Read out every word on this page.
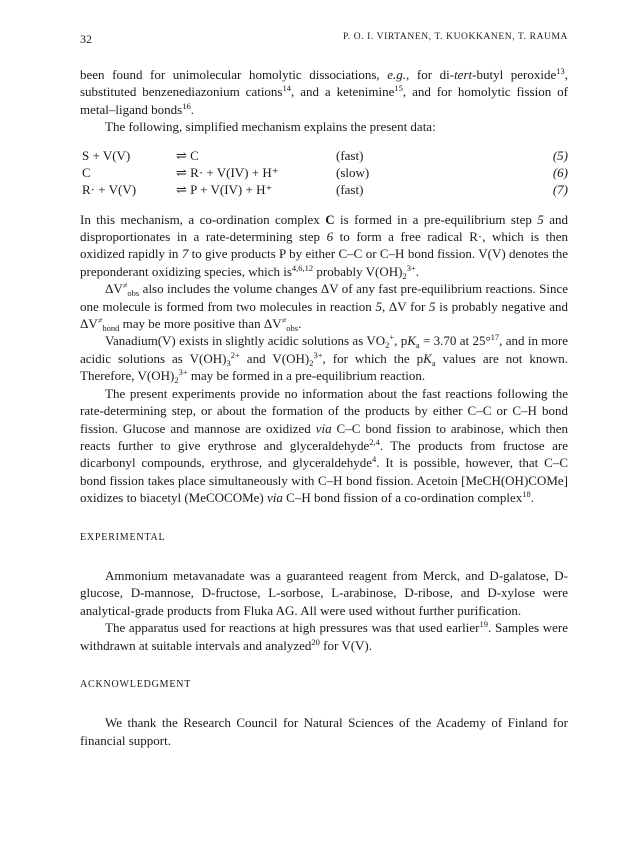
32	P. O. I. VIRTANEN, T. KUOKKANEN, T. RAUMA

been found for unimolecular homolytic dissociations, e.g., for di-tert-butyl peroxide$^{13}$, substituted benzenediazonium cations$^{14}$, and a ketenimine$^{15}$, and for homolytic fission of metal–ligand bonds$^{16}$.

The following, simplified mechanism explains the present data:

S + V(V)	⇌ C	(fast)	(5)
C	⇌ R· + V(IV) + H⁺	(slow)	(6)
R· + V(V)	⇌ P + V(IV) + H⁺	(fast)	(7)

In this mechanism, a co-ordination complex C is formed in a pre-equilibrium step 5 and disproportionates in a rate-determining step 6 to form a free radical R·, which is then oxidized rapidly in 7 to give products P by either C–C or C–H bond fission. V(V) denotes the preponderant oxidizing species, which is$^{4,6,12}$ probably $V(OH)_2^{3+}$.

$\Delta V^\ne_{obs}$ also includes the volume changes ΔV of any fast pre-equilibrium reactions. Since one molecule is formed from two molecules in reaction 5, ΔV for 5 is probably negative and $\Delta V^\ne_{bond}$ may be more positive than $\Delta V^\ne_{obs}$.

Vanadium(V) exists in slightly acidic solutions as $VO_2^+$, $pK_a = 3.70$ at 25°$^{17}$, and in more acidic solutions as $V(OH)_3^{2+}$ and $V(OH)_2^{3+}$, for which the $pK_a$ values are not known. Therefore, $V(OH)_2^{3+}$ may be formed in a pre-equilibrium reaction.

The present experiments provide no information about the fast reactions following the rate-determining step, or about the formation of the products by either C–C or C–H bond fission. Glucose and mannose are oxidized via C–C bond fission to arabinose, which then reacts further to give erythrose and glyceraldehyde$^{2,4}$. The products from fructose are dicarbonyl compounds, erythrose, and glyceraldehyde$^4$. It is possible, however, that C–C bond fission takes place simultaneously with C–H bond fission. Acetoin [MeCH(OH)COMe] oxidizes to biacetyl (MeCOCOMe) via C–H bond fission of a co-ordination complex$^{18}$.

EXPERIMENTAL

Ammonium metavanadate was a guaranteed reagent from Merck, and D-galatose, D-glucose, D-mannose, D-fructose, L-sorbose, L-arabinose, D-ribose, and D-xylose were analytical-grade products from Fluka AG. All were used without further purification.

The apparatus used for reactions at high pressures was that used earlier$^{19}$. Samples were withdrawn at suitable intervals and analyzed$^{20}$ for V(V).

ACKNOWLEDGMENT

We thank the Research Council for Natural Sciences of the Academy of Finland for financial support.
